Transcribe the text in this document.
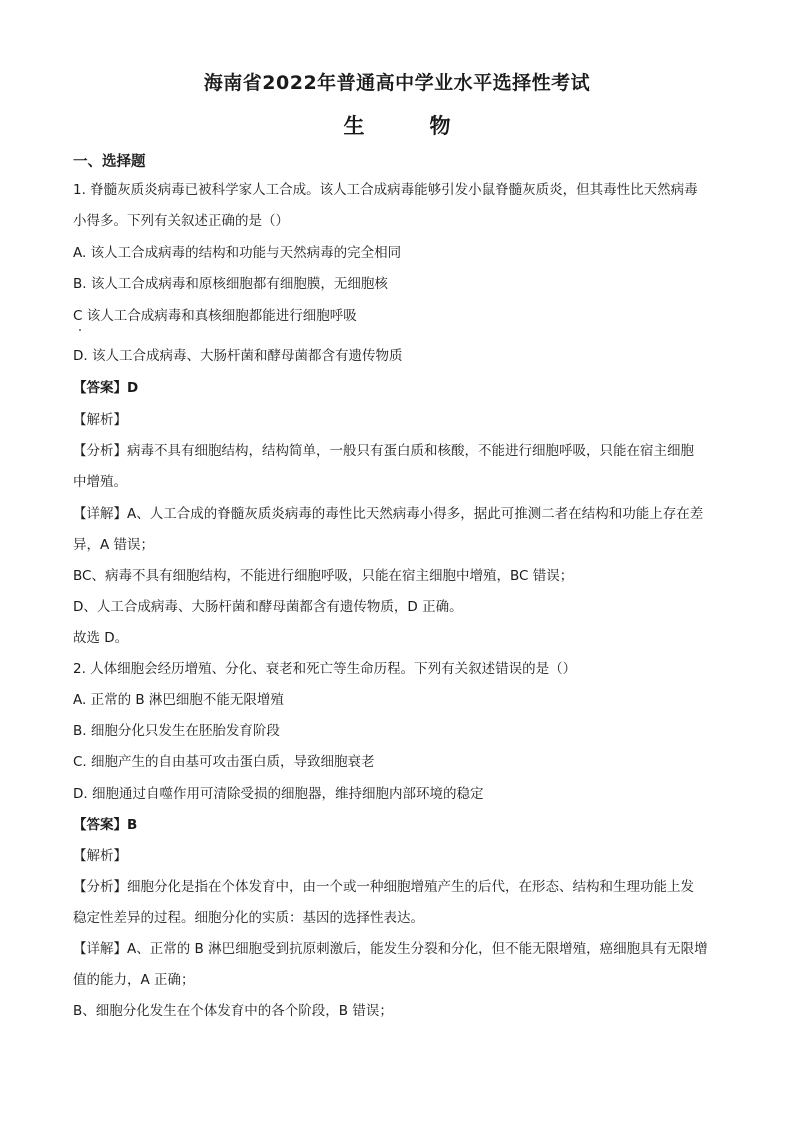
海南省2022年普通高中学业水平选择性考试
生　物
一、选择题
1. 脊髓灰质炎病毒已被科学家人工合成。该人工合成病毒能够引发小鼠脊髓灰质炎，但其毒性比天然病毒
小得多。下列有关叙述正确的是（）
A. 该人工合成病毒的结构和功能与天然病毒的完全相同
B. 该人工合成病毒和原核细胞都有细胞膜，无细胞核
C 该人工合成病毒和真核细胞都能进行细胞呼吸
D. 该人工合成病毒、大肠杆菌和酵母菌都含有遗传物质
【答案】D
【解析】
【分析】病毒不具有细胞结构，结构简单，一般只有蛋白质和核酸，不能进行细胞呼吸，只能在宿主细胞
中增殖。
【详解】A、人工合成的脊髓灰质炎病毒的毒性比天然病毒小得多，据此可推测二者在结构和功能上存在差
异，A 错误；
BC、病毒不具有细胞结构，不能进行细胞呼吸，只能在宿主细胞中增殖，BC 错误；
D、人工合成病毒、大肠杆菌和酵母菌都含有遗传物质，D 正确。
故选 D。
2. 人体细胞会经历增殖、分化、衰老和死亡等生命历程。下列有关叙述错误的是（）
A. 正常的 B 淋巴细胞不能无限增殖
B. 细胞分化只发生在胚胎发育阶段
C. 细胞产生的自由基可攻击蛋白质，导致细胞衰老
D. 细胞通过自噬作用可清除受损的细胞器，维持细胞内部环境的稳定
【答案】B
【解析】
【分析】细胞分化是指在个体发育中，由一个或一种细胞增殖产生的后代，在形态、结构和生理功能上发
稳定性差异的过程。细胞分化的实质：基因的选择性表达。
【详解】A、正常的 B 淋巴细胞受到抗原刺激后，能发生分裂和分化，但不能无限增殖，癌细胞具有无限增
值的能力，A 正确；
B、细胞分化发生在个体发育中的各个阶段，B 错误；
